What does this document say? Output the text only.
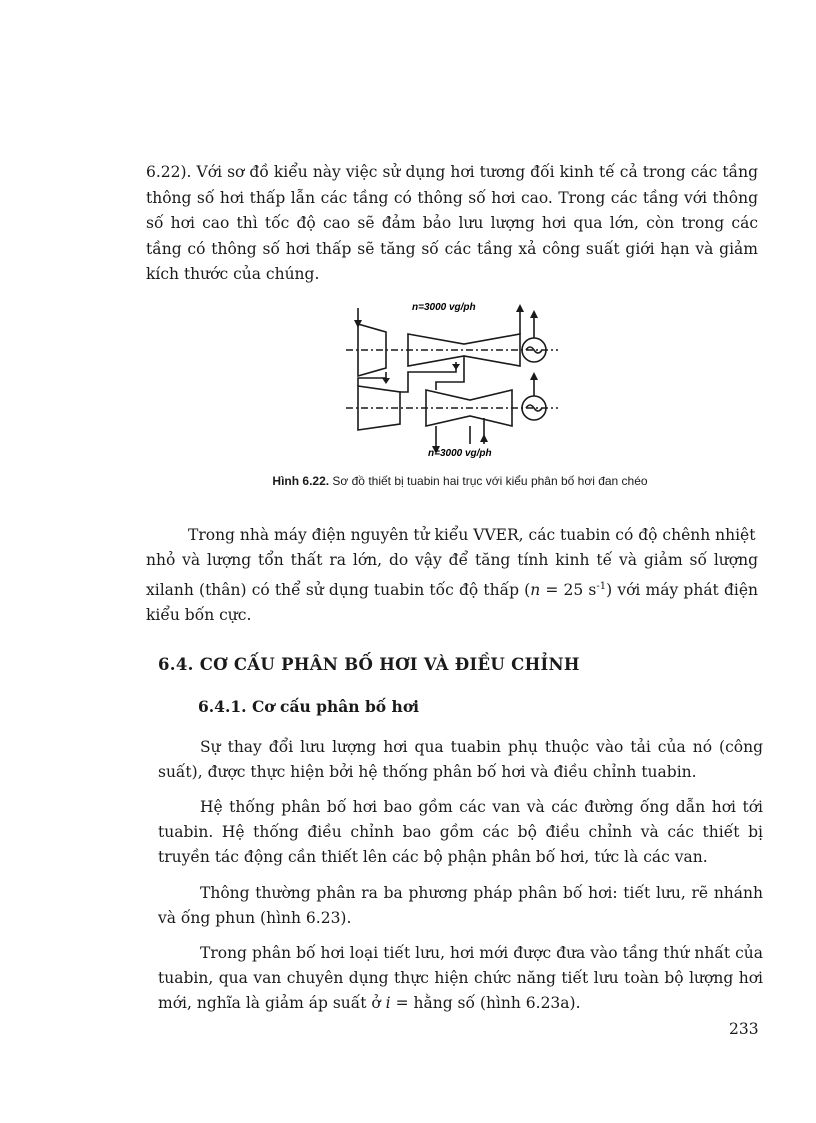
6.22). Với sơ đồ kiểu này việc sử dụng hơi tương đối kinh tế cả trong các tầng thông số hơi thấp lẫn các tầng có thông số hơi cao. Trong các tầng với thông số hơi cao thì tốc độ cao sẽ đảm bảo lưu lượng hơi qua lớn, còn trong các tầng có thông số hơi thấp sẽ tăng số các tầng xả công suất giới hạn và giảm kích thước của chúng.

n=3000 vg/ph
n=3000 vg/ph
Hình 6.22. Sơ đồ thiết bị tuabin hai trục với kiểu phân bố hơi đan chéo

Trong nhà máy điện nguyên tử kiểu VVER, các tuabin có độ chênh nhiệt

nhỏ và lượng tổn thất ra lớn, do vậy để tăng tính kinh tế và giảm số lượng xilanh (thân) có thể sử dụng tuabin tốc độ thấp (n = 25 $s^{-1}$) với máy phát điện kiểu bốn cực.

6.4. CƠ CẤU PHÂN BỐ HƠI VÀ ĐIỀU CHỈNH
6.4.1. Cơ cấu phân bố hơi

Sự thay đổi lưu lượng hơi qua tuabin phụ thuộc vào tải của nó (công suất), được thực hiện bởi hệ thống phân bố hơi và điều chỉnh tuabin.

Hệ thống phân bố hơi bao gồm các van và các đường ống dẫn hơi tới tuabin. Hệ thống điều chỉnh bao gồm các bộ điều chỉnh và các thiết bị truyền tác động cần thiết lên các bộ phận phân bố hơi, tức là các van.

Thông thường phân ra ba phương pháp phân bố hơi: tiết lưu, rẽ nhánh và ống phun (hình 6.23).

Trong phân bố hơi loại tiết lưu, hơi mới được đưa vào tầng thứ nhất của tuabin, qua van chuyên dụng thực hiện chức năng tiết lưu toàn bộ lượng hơi mới, nghĩa là giảm áp suất ở i = hằng số (hình 6.23a).

233
